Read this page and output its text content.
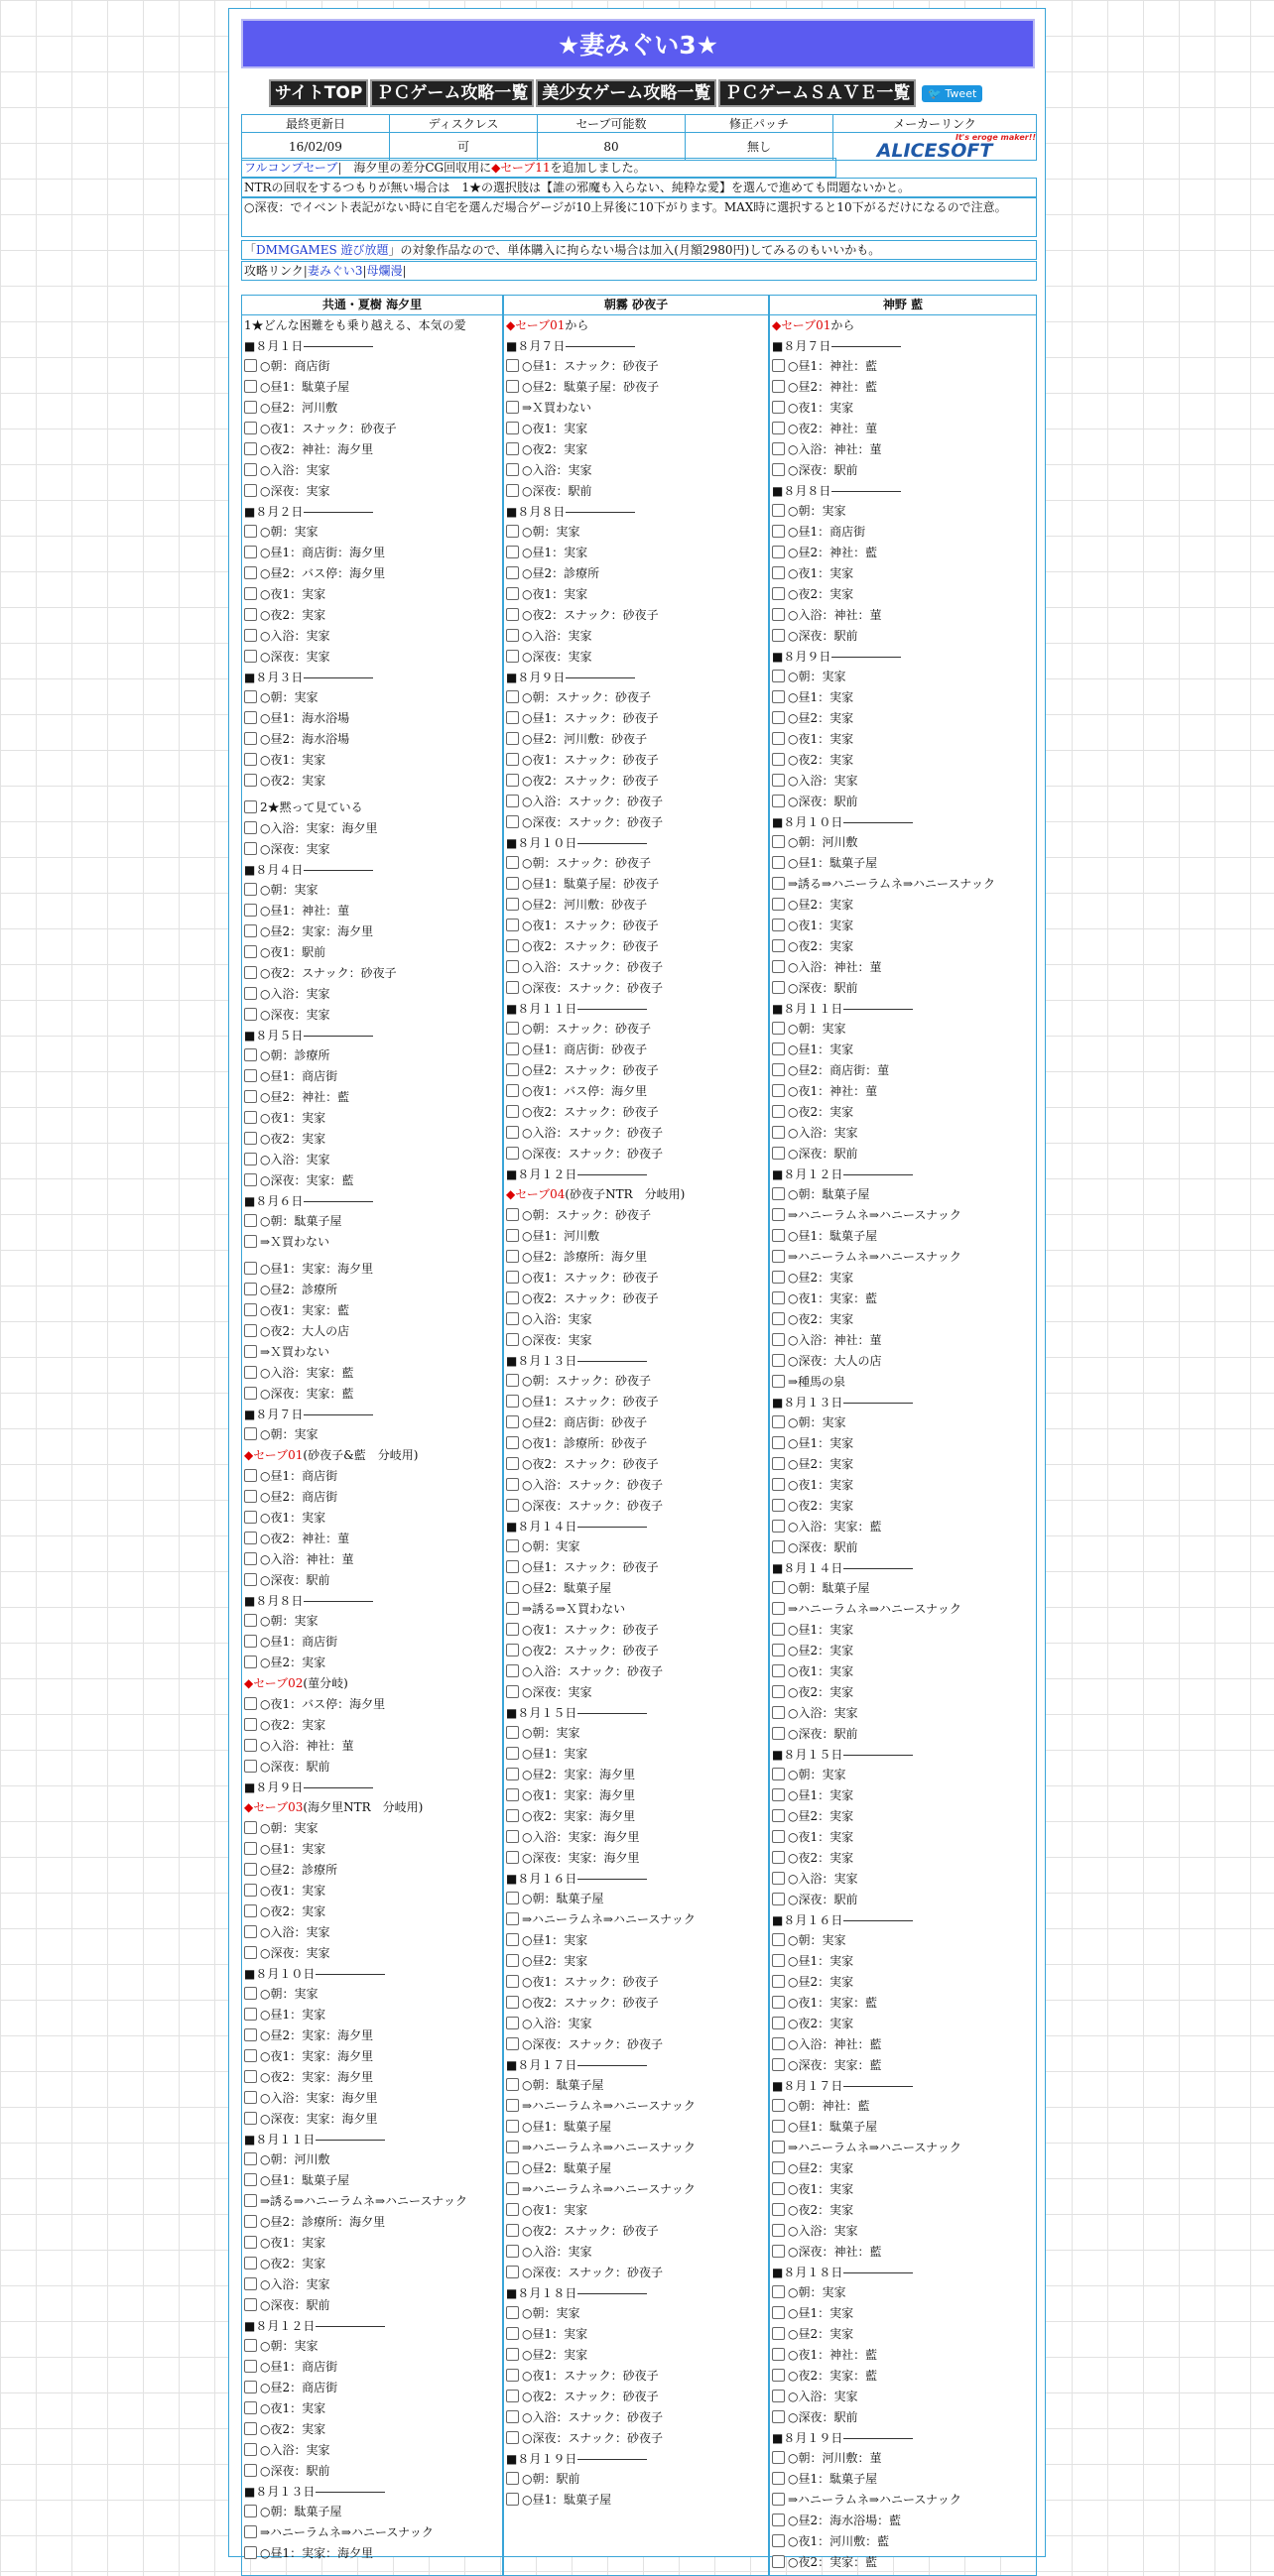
★妻みぐい3★
サイトTOP ＰＣゲーム攻略一覧 美少女ゲーム攻略一覧 ＰＣゲームＳＡＶＥ一覧	🐦 Tweet
最終更新日	ディスクレス	セーブ可能数	修正パッチ	メーカーリンク
16/02/09	可	80	無し	It's eroge maker!!
ALICESOFT
フルコンプセーブ|　海夕里の差分CG回収用に◆セーブ11を追加しました。
NTRの回収をするつもりが無い場合は　1★の選択肢は【誰の邪魔も入らない、純粋な愛】を選んで進めても問題ないかと。
○深夜：でイベント表記がない時に自宅を選んだ場合ゲージが10上昇後に10下がります。MAX時に選択すると10下がるだけになるので注意。
「DMMGAMES 遊び放題」の対象作品なので、単体購入に拘らない場合は加入(月額2980円)してみるのもいいかも。
攻略リンク|妻みぐい3|母爛漫|
共通・夏樹 海夕里
1★どんな困難をも乗り越える、本気の愛
■８月１日
○朝：商店街
○昼1：駄菓子屋
○昼2：河川敷
○夜1：スナック：砂夜子
○夜2：神社：海夕里
○入浴：実家
○深夜：実家
■８月２日
○朝：実家
○昼1：商店街：海夕里
○昼2：バス停：海夕里
○夜1：実家
○夜2：実家
○入浴：実家
○深夜：実家
■８月３日
○朝：実家
○昼1：海水浴場
○昼2：海水浴場
○夜1：実家
○夜2：実家
2★黙って見ている
○入浴：実家：海夕里
○深夜：実家
■８月４日
○朝：実家
○昼1：神社：菫
○昼2：実家：海夕里
○夜1：駅前
○夜2：スナック：砂夜子
○入浴：実家
○深夜：実家
■８月５日
○朝：診療所
○昼1：商店街
○昼2：神社：藍
○夜1：実家
○夜2：実家
○入浴：実家
○深夜：実家：藍
■８月６日
○朝：駄菓子屋
⇒Ｘ買わない
○昼1：実家：海夕里
○昼2：診療所
○夜1：実家：藍
○夜2：大人の店
⇒Ｘ買わない
○入浴：実家：藍
○深夜：実家：藍
■８月７日
○朝：実家
◆セーブ01(砂夜子&藍　分岐用)
○昼1：商店街
○昼2：商店街
○夜1：実家
○夜2：神社：菫
○入浴：神社：菫
○深夜：駅前
■８月８日
○朝：実家
○昼1：商店街
○昼2：実家
◆セーブ02(菫分岐)
○夜1：バス停：海夕里
○夜2：実家
○入浴：神社：菫
○深夜：駅前
■８月９日
◆セーブ03(海夕里NTR　分岐用)
○朝：実家
○昼1：実家
○昼2：診療所
○夜1：実家
○夜2：実家
○入浴：実家
○深夜：実家
■８月１０日
○朝：実家
○昼1：実家
○昼2：実家：海夕里
○夜1：実家：海夕里
○夜2：実家：海夕里
○入浴：実家：海夕里
○深夜：実家：海夕里
■８月１１日
○朝：河川敷
○昼1：駄菓子屋
⇒誘る⇒ハニーラムネ⇒ハニースナック
○昼2：診療所：海夕里
○夜1：実家
○夜2：実家
○入浴：実家
○深夜：駅前
■８月１２日
○朝：実家
○昼1：商店街
○昼2：商店街
○夜1：実家
○夜2：実家
○入浴：実家
○深夜：駅前
■８月１３日
○朝：駄菓子屋
⇒ハニーラムネ⇒ハニースナック
○昼1：実家：海夕里
朝霧 砂夜子
◆セーブ01から
■８月７日
○昼1：スナック：砂夜子
○昼2：駄菓子屋：砂夜子
⇒Ｘ買わない
○夜1：実家
○夜2：実家
○入浴：実家
○深夜：駅前
■８月８日
○朝：実家
○昼1：実家
○昼2：診療所
○夜1：実家
○夜2：スナック：砂夜子
○入浴：実家
○深夜：実家
■８月９日
○朝：スナック：砂夜子
○昼1：スナック：砂夜子
○昼2：河川敷：砂夜子
○夜1：スナック：砂夜子
○夜2：スナック：砂夜子
○入浴：スナック：砂夜子
○深夜：スナック：砂夜子
■８月１０日
○朝：スナック：砂夜子
○昼1：駄菓子屋：砂夜子
○昼2：河川敷：砂夜子
○夜1：スナック：砂夜子
○夜2：スナック：砂夜子
○入浴：スナック：砂夜子
○深夜：スナック：砂夜子
■８月１１日
○朝：スナック：砂夜子
○昼1：商店街：砂夜子
○昼2：スナック：砂夜子
○夜1：バス停：海夕里
○夜2：スナック：砂夜子
○入浴：スナック：砂夜子
○深夜：スナック：砂夜子
■８月１２日
◆セーブ04(砂夜子NTR　分岐用)
○朝：スナック：砂夜子
○昼1：河川敷
○昼2：診療所：海夕里
○夜1：スナック：砂夜子
○夜2：スナック：砂夜子
○入浴：実家
○深夜：実家
■８月１３日
○朝：スナック：砂夜子
○昼1：スナック：砂夜子
○昼2：商店街：砂夜子
○夜1：診療所：砂夜子
○夜2：スナック：砂夜子
○入浴：スナック：砂夜子
○深夜：スナック：砂夜子
■８月１４日
○朝：実家
○昼1：スナック：砂夜子
○昼2：駄菓子屋
⇒誘る⇒Ｘ買わない
○夜1：スナック：砂夜子
○夜2：スナック：砂夜子
○入浴：スナック：砂夜子
○深夜：実家
■８月１５日
○朝：実家
○昼1：実家
○昼2：実家：海夕里
○夜1：実家：海夕里
○夜2：実家：海夕里
○入浴：実家：海夕里
○深夜：実家：海夕里
■８月１６日
○朝：駄菓子屋
⇒ハニーラムネ⇒ハニースナック
○昼1：実家
○昼2：実家
○夜1：スナック：砂夜子
○夜2：スナック：砂夜子
○入浴：実家
○深夜：スナック：砂夜子
■８月１７日
○朝：駄菓子屋
⇒ハニーラムネ⇒ハニースナック
○昼1：駄菓子屋
⇒ハニーラムネ⇒ハニースナック
○昼2：駄菓子屋
⇒ハニーラムネ⇒ハニースナック
○夜1：実家
○夜2：スナック：砂夜子
○入浴：実家
○深夜：スナック：砂夜子
■８月１８日
○朝：実家
○昼1：実家
○昼2：実家
○夜1：スナック：砂夜子
○夜2：スナック：砂夜子
○入浴：スナック：砂夜子
○深夜：スナック：砂夜子
■８月１９日
○朝：駅前
○昼1：駄菓子屋
神野 藍
◆セーブ01から
■８月７日
○昼1：神社：藍
○昼2：神社：藍
○夜1：実家
○夜2：神社：菫
○入浴：神社：菫
○深夜：駅前
■８月８日
○朝：実家
○昼1：商店街
○昼2：神社：藍
○夜1：実家
○夜2：実家
○入浴：神社：菫
○深夜：駅前
■８月９日
○朝：実家
○昼1：実家
○昼2：実家
○夜1：実家
○夜2：実家
○入浴：実家
○深夜：駅前
■８月１０日
○朝：河川敷
○昼1：駄菓子屋
⇒誘る⇒ハニーラムネ⇒ハニースナック
○昼2：実家
○夜1：実家
○夜2：実家
○入浴：神社：菫
○深夜：駅前
■８月１１日
○朝：実家
○昼1：実家
○昼2：商店街：菫
○夜1：神社：菫
○夜2：実家
○入浴：実家
○深夜：駅前
■８月１２日
○朝：駄菓子屋
⇒ハニーラムネ⇒ハニースナック
○昼1：駄菓子屋
⇒ハニーラムネ⇒ハニースナック
○昼2：実家
○夜1：実家：藍
○夜2：実家
○入浴：神社：菫
○深夜：大人の店
⇒種馬の泉
■８月１３日
○朝：実家
○昼1：実家
○昼2：実家
○夜1：実家
○夜2：実家
○入浴：実家：藍
○深夜：駅前
■８月１４日
○朝：駄菓子屋
⇒ハニーラムネ⇒ハニースナック
○昼1：実家
○昼2：実家
○夜1：実家
○夜2：実家
○入浴：実家
○深夜：駅前
■８月１５日
○朝：実家
○昼1：実家
○昼2：実家
○夜1：実家
○夜2：実家
○入浴：実家
○深夜：駅前
■８月１６日
○朝：実家
○昼1：実家
○昼2：実家
○夜1：実家：藍
○夜2：実家
○入浴：神社：藍
○深夜：実家：藍
■８月１７日
○朝：神社：藍
○昼1：駄菓子屋
⇒ハニーラムネ⇒ハニースナック
○昼2：実家
○夜1：実家
○夜2：実家
○入浴：実家
○深夜：神社：藍
■８月１８日
○朝：実家
○昼1：実家
○昼2：実家
○夜1：神社：藍
○夜2：実家：藍
○入浴：実家
○深夜：駅前
■８月１９日
○朝：河川敷：菫
○昼1：駄菓子屋
⇒ハニーラムネ⇒ハニースナック
○昼2：海水浴場：藍
○夜1：河川敷：藍
○夜2：実家：藍
